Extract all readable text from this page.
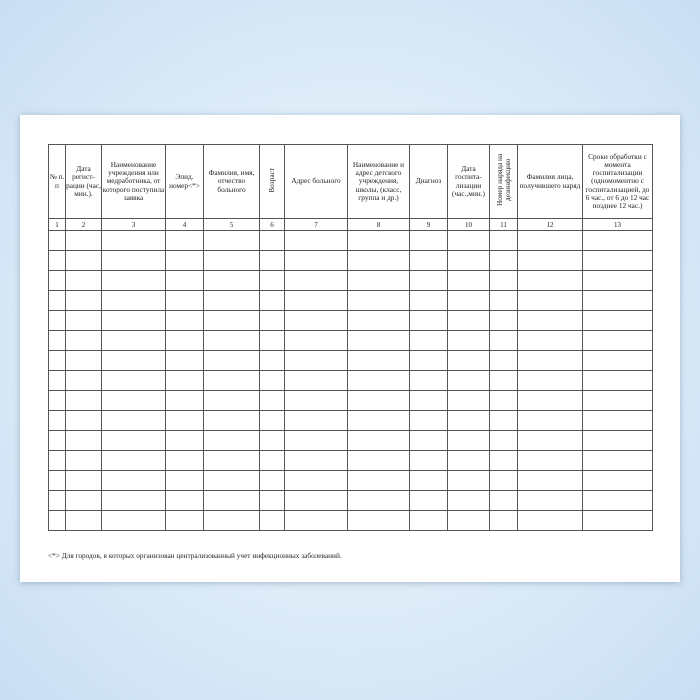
№ п. п	Дата регист-рации (час, мин.).	Наименование учреждения или медработника, от которого поступила заявка	Эпид. номер<*>	Фамилия, имя, отчество больного	Возраст	Адрес больного	Наименование и адрес детского учреждения, школы, (класс, группа и др.)	Диагноз	Дата госпита-лизации (час.,мин.)	Номер наряда на дезинфекцию	Фамилия лица, получившего наряд	Сроки обработки с момента госпитализации (одномоментно с госпитализацией, до 6 час., от 6 до 12 час позднее 12 час.)
1	2	3	4	5	6	7	8	9	10	11	12	13

<*> Для городов, в которых организован централизованный учет инфекционных заболеваний.
